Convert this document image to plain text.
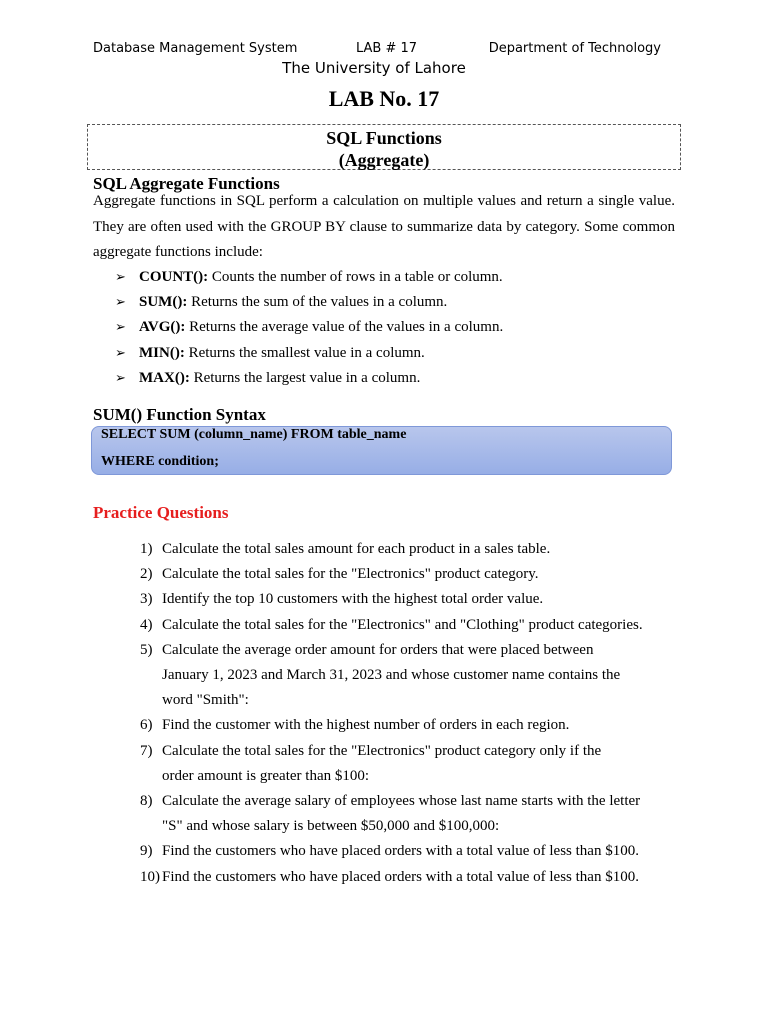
Database Management System	LAB # 17	Department of Technology
The University of Lahore
LAB No. 17
SQL Functions
(Aggregate)
SQL Aggregate Functions

Aggregate functions in SQL perform a calculation on multiple values and return a single value. They are often used with the GROUP BY clause to summarize data by category. Some common aggregate functions include:

➢ COUNT(): Counts the number of rows in a table or column.
➢ SUM(): Returns the sum of the values in a column.
➢ AVG(): Returns the average value of the values in a column.
➢ MIN(): Returns the smallest value in a column.
➢ MAX(): Returns the largest value in a column.
SUM() Function Syntax
SELECT SUM (column_name) FROM table_name
WHERE condition;
Practice Questions
1) Calculate the total sales amount for each product in a sales table.
2) Calculate the total sales for the "Electronics" product category.
3) Identify the top 10 customers with the highest total order value.
4) Calculate the total sales for the "Electronics" and "Clothing" product categories.
5) Calculate the average order amount for orders that were placed between
January 1, 2023 and March 31, 2023 and whose customer name contains the
word "Smith":
6) Find the customer with the highest number of orders in each region.
7) Calculate the total sales for the "Electronics" product category only if the
order amount is greater than $100:
8) Calculate the average salary of employees whose last name starts with the letter
"S" and whose salary is between $50,000 and $100,000:
9) Find the customers who have placed orders with a total value of less than $100.
10) Find the customers who have placed orders with a total value of less than $100.
